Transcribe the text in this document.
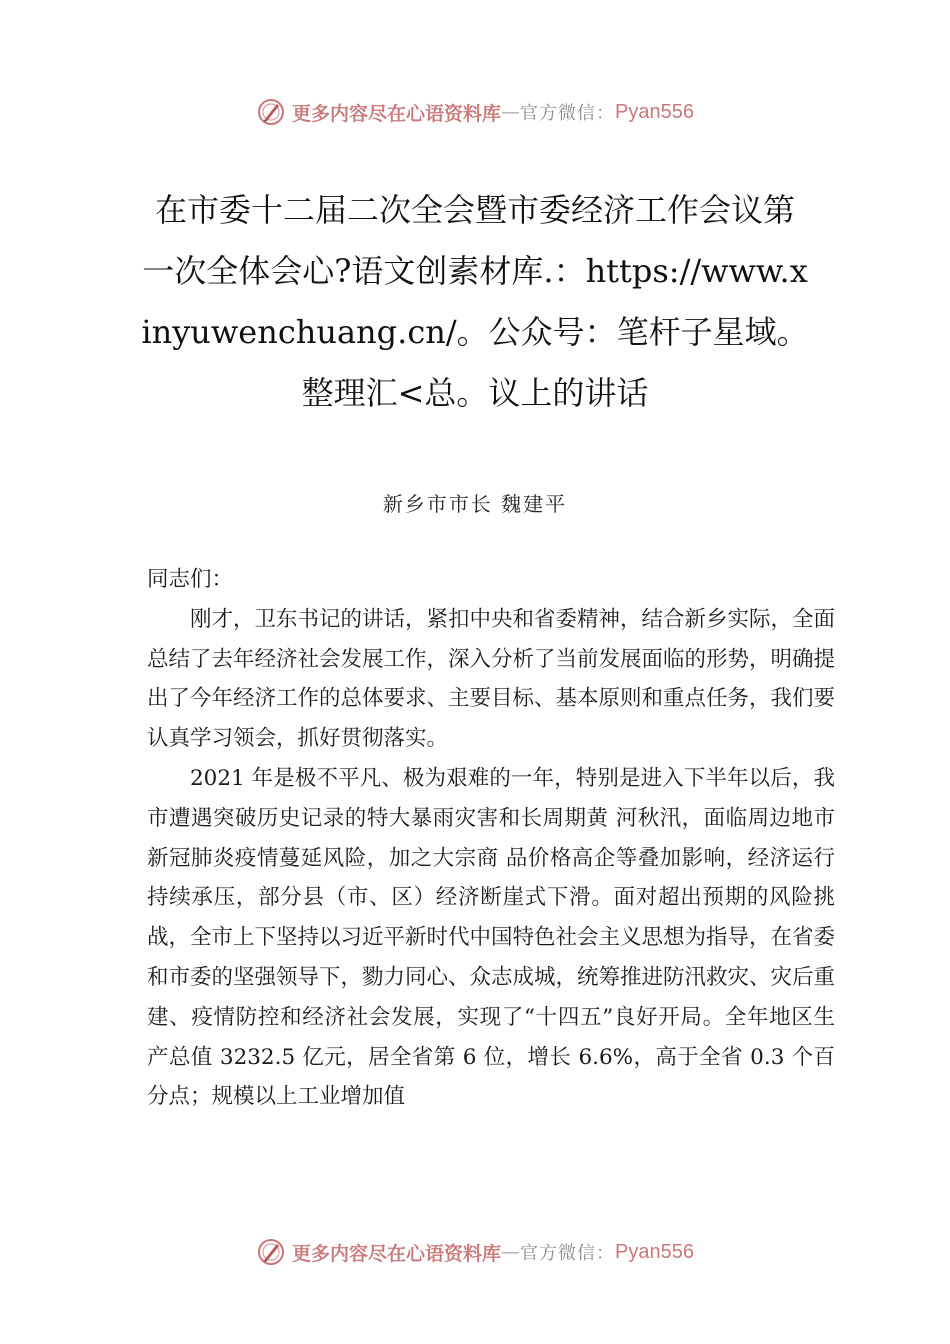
更多内容尽在心语资料库 — 官方微信： Pyan556
在市委十二届二次全会暨市委经济工作会议第一次全体会心?语文创素材库.：https://www.xinyuwenchuang.cn/。公众号：笔杆子星域。整理汇<总。议上的讲话
新乡市市长 魏建平

同志们：

刚才，卫东书记的讲话，紧扣中央和省委精神，结合新乡实际，全面总结了去年经济社会发展工作，深入分析了当前发展面临的形势，明确提出了今年经济工作的总体要求、主要目标、基本原则和重点任务，我们要认真学习领会，抓好贯彻落实。

2021 年是极不平凡、极为艰难的一年，特别是进入下半年以后，我市遭遇突破历史记录的特大暴雨灾害和长周期黄 河秋汛，面临周边地市新冠肺炎疫情蔓延风险，加之大宗商 品价格高企等叠加影响，经济运行持续承压，部分县（市、区）经济断崖式下滑。面对超出预期的风险挑战，全市上下坚持以习近平新时代中国特色社会主义思想为指导，在省委和市委的坚强领导下，勠力同心、众志成城，统筹推进防汛救灾、灾后重建、疫情防控和经济社会发展，实现了“十四五”良好开局。全年地区生产总值 3232.5 亿元，居全省第 6 位，增长 6.6%，高于全省 0.3 个百分点；规模以上工业增加值

更多内容尽在心语资料库 — 官方微信： Pyan556
